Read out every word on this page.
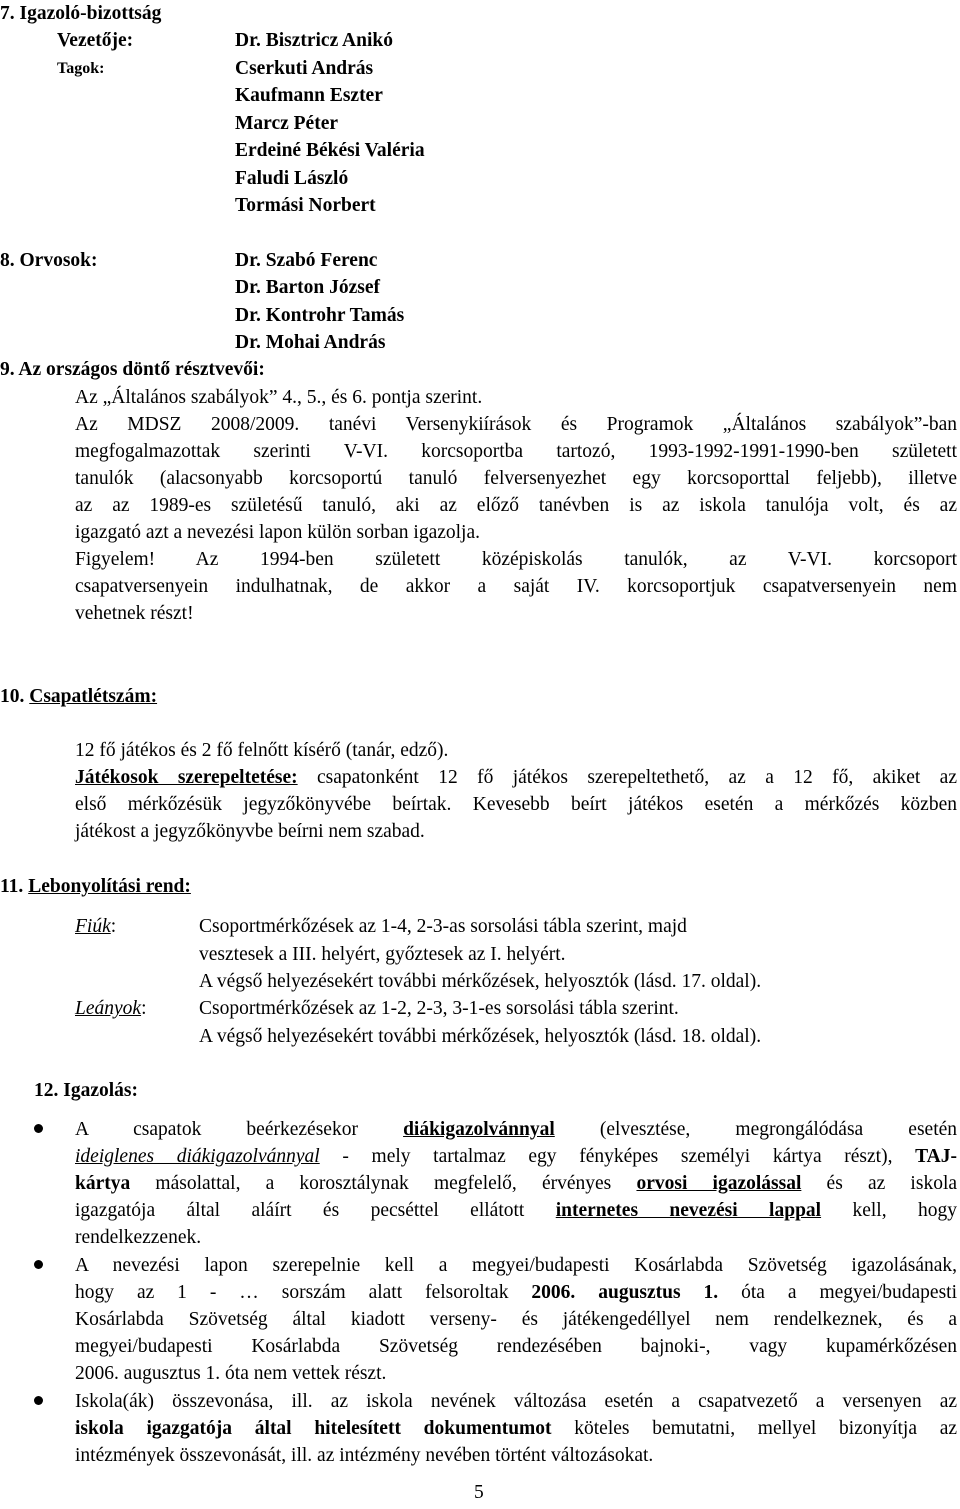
7. Igazoló-bizottság
Vezetője:	Dr. Bisztricz Anikó
Tagok:	Cserkuti András
Kaufmann Eszter
Marcz Péter
Erdeiné Békési Valéria
Faludi László
Tormási Norbert
8. Orvosok:	Dr. Szabó Ferenc
Dr. Barton József
Dr. Kontrohr Tamás
Dr. Mohai András
9. Az országos döntő résztvevői:
Az „Általános szabályok” 4., 5., és 6. pontja szerint.
Az MDSZ 2008/2009. tanévi Versenykiírások és Programok „Általános szabályok”-ban
megfogalmazottak szerinti V-VI. korcsoportba tartozó, 1993-1992-1991-1990-ben született
tanulók (alacsonyabb korcsoportú tanuló felversenyezhet egy korcsoporttal feljebb), illetve
az az 1989-es születésű tanuló, aki az előző tanévben is az iskola tanulója volt, és az
igazgató azt a nevezési lapon külön sorban igazolja.
Figyelem! Az 1994-ben született középiskolás tanulók, az V-VI. korcsoport
csapatversenyein indulhatnak, de akkor a saját IV. korcsoportjuk csapatversenyein nem
vehetnek részt!
10. Csapatlétszám:
12 fő játékos és 2 fő felnőtt kísérő (tanár, edző).
Játékosok szerepeltetése: csapatonként 12 fő játékos szerepeltethető, az a 12 fő, akiket az
első mérkőzésük jegyzőkönyvébe beírtak. Kevesebb beírt játékos esetén a mérkőzés közben
játékost a jegyzőkönyvbe beírni nem szabad.
11. Lebonyolítási rend:
Fiúk:	Csoportmérkőzések az 1-4, 2-3-as sorsolási tábla szerint, majd
vesztesek a III. helyért, győztesek az I. helyért.
A végső helyezésekért további mérkőzések, helyosztók (lásd. 17. oldal).
Leányok:	Csoportmérkőzések az 1-2, 2-3, 3-1-es sorsolási tábla szerint.
A végső helyezésekért további mérkőzések, helyosztók (lásd. 18. oldal).
12. Igazolás:
A csapatok beérkezésekor diákigazolvánnyal (elvesztése, megrongálódása esetén
ideiglenes diákigazolvánnyal - mely tartalmaz egy fényképes személyi kártya részt), TAJ-
kártya másolattal, a korosztálynak megfelelő, érvényes orvosi igazolással és az iskola
igazgatója által aláírt és pecséttel ellátott internetes nevezési lappal kell, hogy
rendelkezzenek.
A nevezési lapon szerepelnie kell a megyei/budapesti Kosárlabda Szövetség igazolásának,
hogy az 1 - … sorszám alatt felsoroltak 2006. augusztus 1. óta a megyei/budapesti
Kosárlabda Szövetség által kiadott verseny- és játékengedéllyel nem rendelkeznek, és a
megyei/budapesti Kosárlabda Szövetség rendezésében bajnoki-, vagy kupamérkőzésen
2006. augusztus 1. óta nem vettek részt.
Iskola(ák) összevonása, ill. az iskola nevének változása esetén a csapatvezető a versenyen az
iskola igazgatója által hitelesített dokumentumot köteles bemutatni, mellyel bizonyítja az
intézmények összevonását, ill. az intézmény nevében történt változásokat.
5
